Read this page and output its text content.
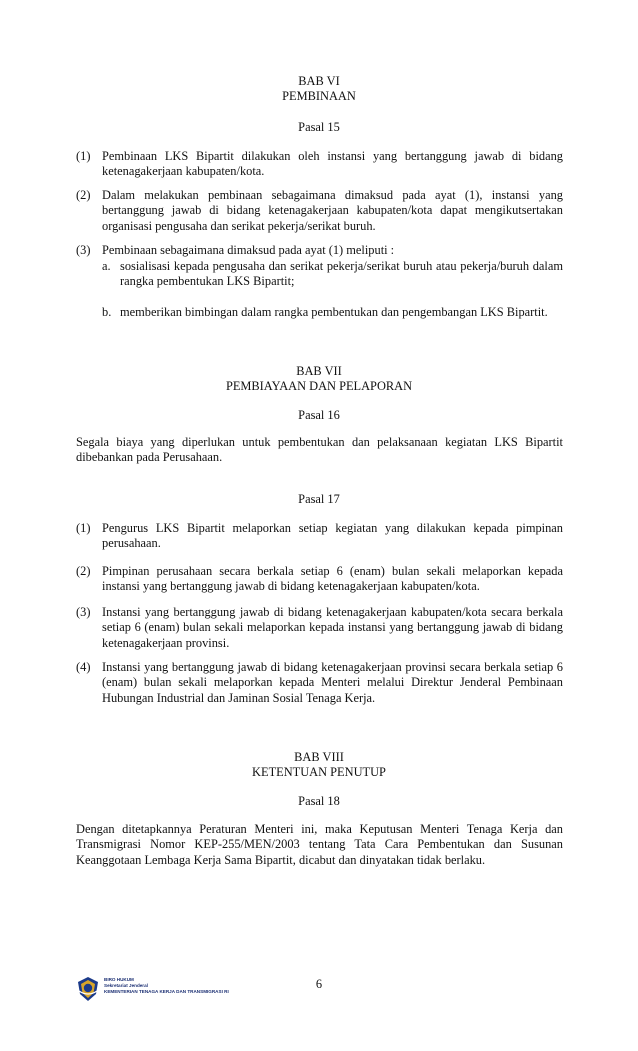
BAB VI
PEMBINAAN
Pasal 15
(1) Pembinaan LKS Bipartit dilakukan oleh instansi yang bertanggung jawab di bidang ketenagakerjaan kabupaten/kota.
(2) Dalam melakukan pembinaan sebagaimana dimaksud pada ayat (1), instansi yang bertanggung jawab di bidang ketenagakerjaan kabupaten/kota dapat mengikutsertakan organisasi pengusaha dan serikat pekerja/serikat buruh.
(3) Pembinaan sebagaimana dimaksud pada ayat (1) meliputi :
a. sosialisasi kepada pengusaha dan serikat pekerja/serikat buruh atau pekerja/buruh dalam rangka pembentukan LKS Bipartit;
b. memberikan bimbingan dalam rangka pembentukan dan pengembangan LKS Bipartit.
BAB VII
PEMBIAYAAN DAN PELAPORAN
Pasal 16
Segala biaya yang diperlukan untuk pembentukan dan pelaksanaan kegiatan LKS Bipartit dibebankan pada Perusahaan.
Pasal 17
(1) Pengurus LKS Bipartit melaporkan setiap kegiatan yang dilakukan kepada pimpinan perusahaan.
(2) Pimpinan perusahaan secara berkala setiap 6 (enam) bulan sekali melaporkan kepada instansi yang bertanggung jawab di bidang ketenagakerjaan kabupaten/kota.
(3) Instansi yang bertanggung jawab di bidang ketenagakerjaan kabupaten/kota secara berkala setiap 6 (enam) bulan sekali melaporkan kepada instansi yang bertanggung jawab di bidang ketenagakerjaan provinsi.
(4) Instansi yang bertanggung jawab di bidang ketenagakerjaan provinsi secara berkala setiap 6 (enam) bulan sekali melaporkan kepada Menteri melalui Direktur Jenderal Pembinaan Hubungan Industrial dan Jaminan Sosial Tenaga Kerja.
BAB VIII
KETENTUAN PENUTUP
Pasal 18
Dengan ditetapkannya Peraturan Menteri ini, maka Keputusan Menteri Tenaga Kerja dan Transmigrasi Nomor KEP-255/MEN/2003 tentang Tata Cara Pembentukan dan Susunan Keanggotaan Lembaga Kerja Sama Bipartit, dicabut dan dinyatakan tidak berlaku.
BIRO HUKUM
Sekretariat Jenderal
KEMENTERIAN TENAGA KERJA DAN TRANSMIGRASI RI
6
